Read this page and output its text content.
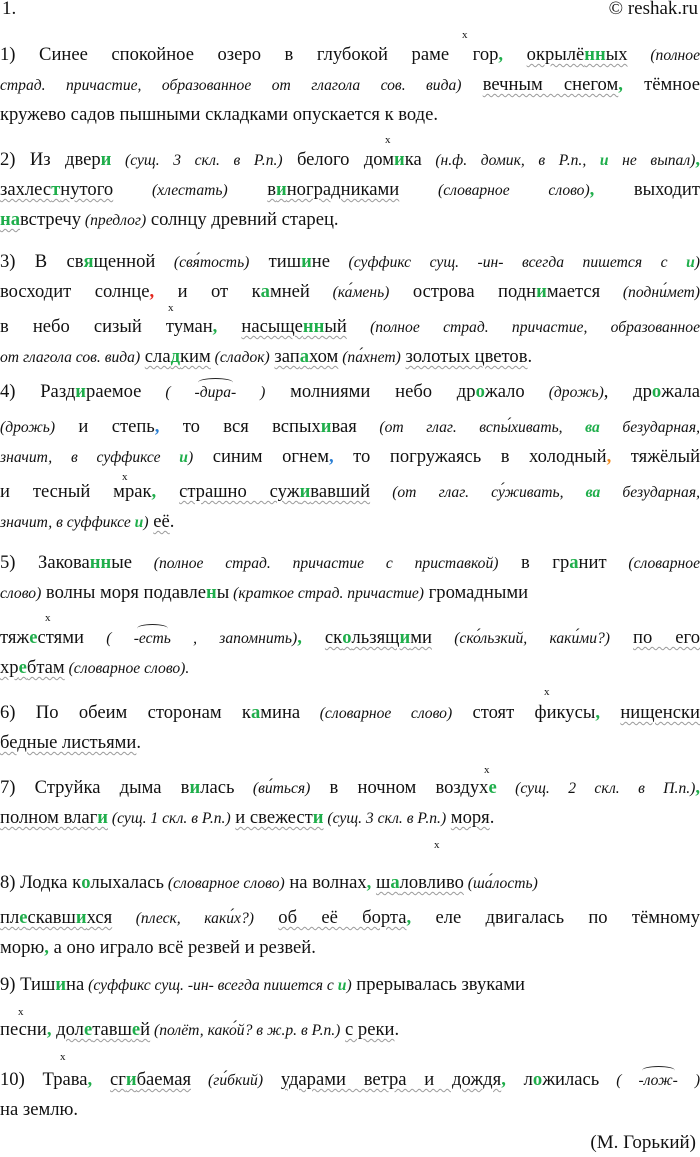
1.	© reshak.ru
1) Синее спокойное озеро в глубокой раме гор, окрылённых (полное
страд. причастие, образованное от глагола сов. вида) вечным снегом, тёмное
кружево садов пышными складками опускается к воде.
2) Из двери (сущ. 3 скл. в Р.п.) белого домика (н.ф. домик, в Р.п., и не выпал),
захлестнутого (хлестать) виноградниками (словарное слово), выходит
навстречу (предлог) солнцу древний старец.
3) В священной (свя́тость) тишине (суффикс сущ. -ин- всегда пишется с и)
восходит солнце, и от камней (ка́мень) острова поднимается (подни́мет)
в небо сизый туман, насыщенный (полное страд. причастие, образованное
от глагола сов. вида) сладким (сладок) запахом (па́хнет) золотых цветов.
4) Раздираемое ( -дира- ) молниями небо дрожало (дрожь), дрожала
(дрожь) и степь, то вся вспыхивая (от глаг. вспы́хивать, ва безударная,
значит, в суффиксе и) синим огнем, то погружаясь в холодный, тяжёлый
и тесный мрак, страшно суживавший (от глаг. су́живать, ва безударная,
значит, в суффиксе и) её.
5) Закованные (полное страд. причастие с приставкой) в гранит (словарное
слово) волны моря подавлены (краткое страд. причастие) громадными
тяжестями ( -есть , запомнить), скользящими (ско́льзкий, каки́ми?) по его
хребтам (словарное слово).
6) По обеим сторонам камина (словарное слово) стоят фикусы, нищенски
бедные листьями.
7) Струйка дыма вилась (ви́ться) в ночном воздухе (сущ. 2 скл. в П.п.),
полном влаги (сущ. 1 скл. в Р.п.) и свежести (сущ. 3 скл. в Р.п.) моря.
8) Лодка колыхалась (словарное слово) на волнах, шаловливо (ша́лость)
плескавшихся (плеск, каки́х?) об её борта, еле двигалась по тёмному
морю, а оно играло всё резвей и резвей.
9) Тишина (суффикс сущ. -ин- всегда пишется с и) прерывалась звуками
песни, долетавшей (полёт, како́й? в ж.р. в Р.п.) с реки.
10) Трава, сгибаемая (ги́бкий) ударами ветра и дождя, ложилась ( -лож- )
на землю.
x
x
x
x
x
x
x
x
x
x
(М. Горький)
